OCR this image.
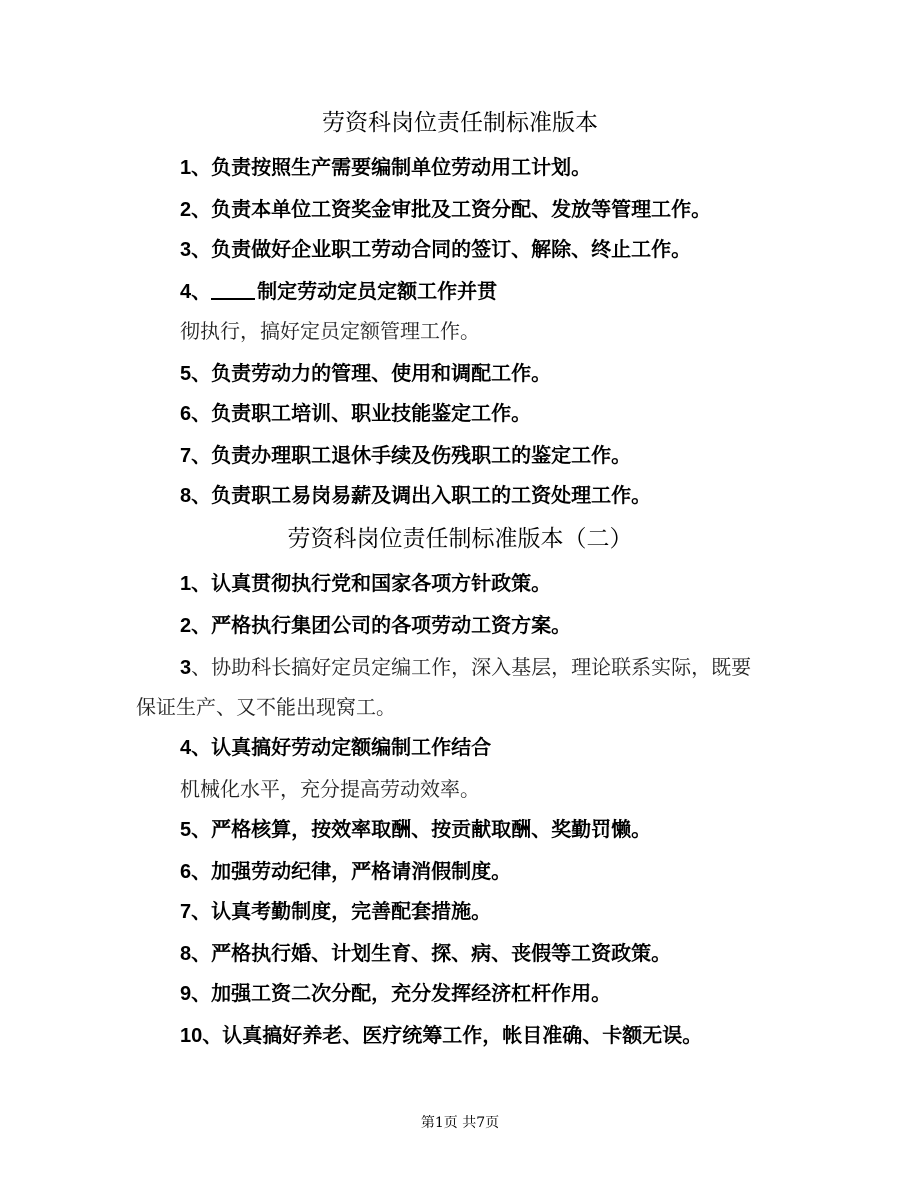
劳资科岗位责任制标准版本
1、负责按照生产需要编制单位劳动用工计划。
2、负责本单位工资奖金审批及工资分配、发放等管理工作。
3、负责做好企业职工劳动合同的签订、解除、终止工作。
4、 制定劳动定员定额工作并贯
彻执行，搞好定员定额管理工作。
5、负责劳动力的管理、使用和调配工作。
6、负责职工培训、职业技能鉴定工作。
7、负责办理职工退休手续及伤残职工的鉴定工作。
8、负责职工易岗易薪及调出入职工的工资处理工作。
劳资科岗位责任制标准版本（二）
1、认真贯彻执行党和国家各项方针政策。
2、严格执行集团公司的各项劳动工资方案。
3、协助科长搞好定员定编工作，深入基层，理论联系实际，既要
保证生产、又不能出现窝工。
4、认真搞好劳动定额编制工作结合
机械化水平，充分提高劳动效率。
5、严格核算，按效率取酬、按贡献取酬、奖勤罚懒。
6、加强劳动纪律，严格请消假制度。
7、认真考勤制度，完善配套措施。
8、严格执行婚、计划生育、探、病、丧假等工资政策。
9、加强工资二次分配，充分发挥经济杠杆作用。
10、认真搞好养老、医疗统筹工作，帐目准确、卡额无误。
第1页 共7页
